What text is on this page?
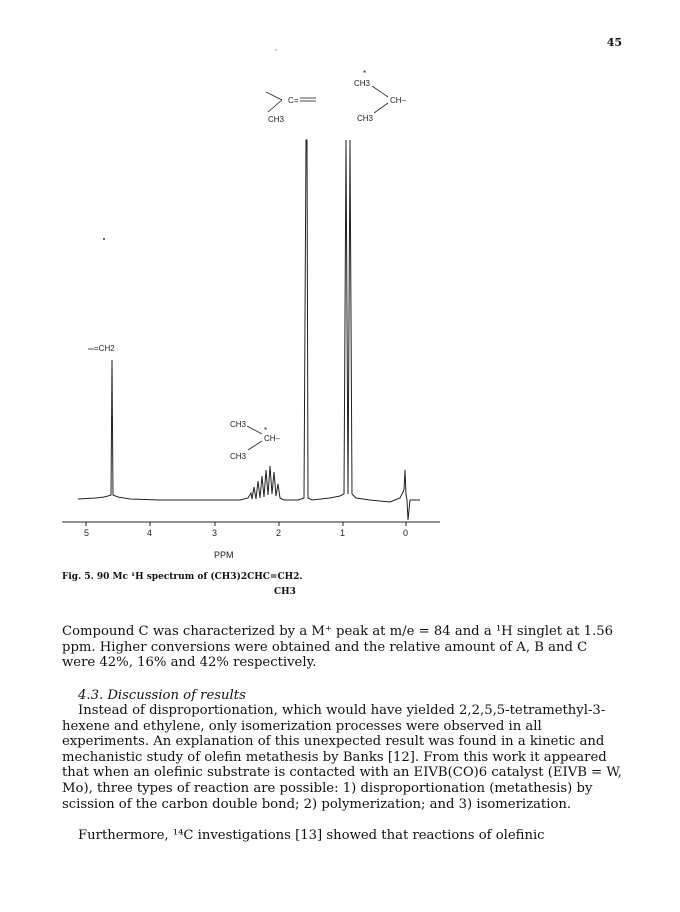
45
5	4	3	2	1	0
PPM
C=
CH3
,
*
CH3
CH–
CH3
=CH2
CH3
*
CH–
CH3
Fig. 5. 90 Mc ¹H spectrum of (CH3)2CHC=CH2.
CH3
Compound C was characterized by a M⁺ peak at m/e = 84 and a ¹H singlet at 1.56 ppm. Higher conversions were obtained and the relative amount of A, B and C were 42%, 16% and 42% respectively.
4.3. Discussion of results
Instead of disproportionation, which would have yielded 2,2,5,5-tetramethyl-3-hexene and ethylene, only isomerization processes were observed in all experiments. An explanation of this unexpected result was found in a kinetic and mechanistic study of olefin metathesis by Banks [12]. From this work it appeared that when an olefinic substrate is contacted with an EIVB(CO)6 catalyst (EIVB = W, Mo), three types of reaction are possible: 1) disproportionation (metathesis) by scission of the carbon double bond; 2) polymerization; and 3) isomerization.
Furthermore, ¹⁴C investigations [13] showed that reactions of olefinic
